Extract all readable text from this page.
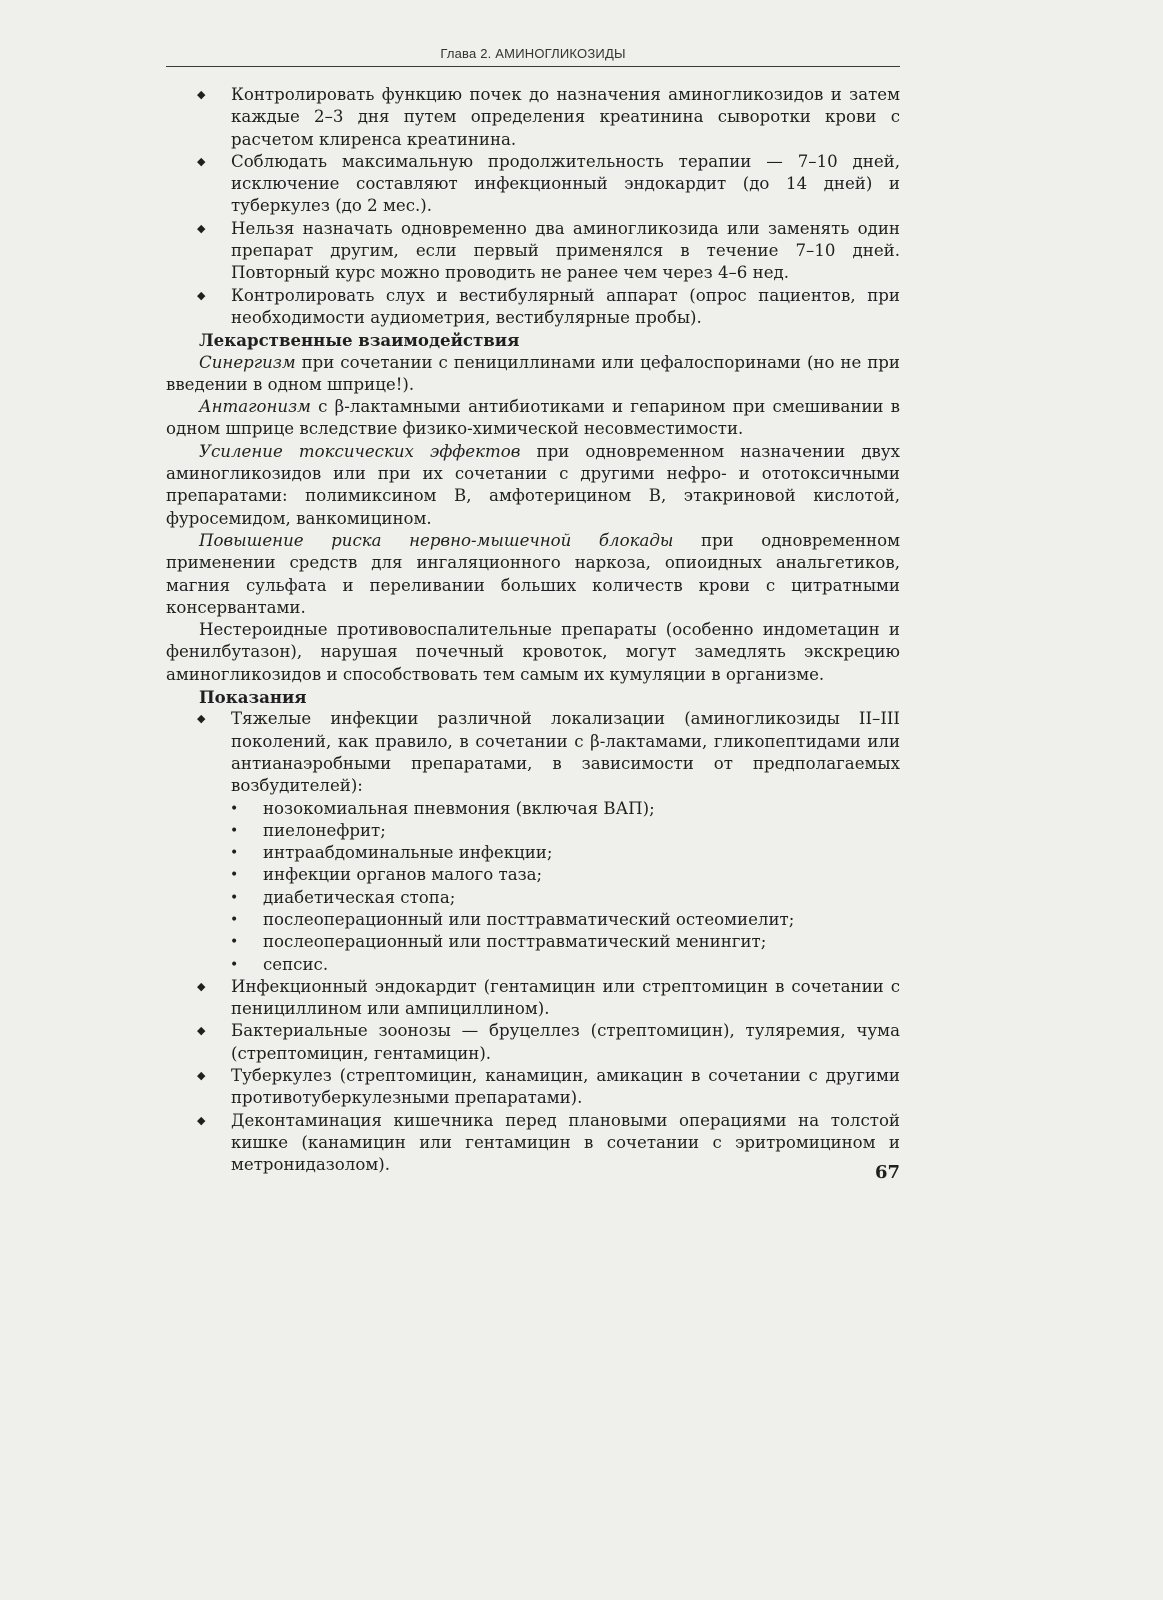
Глава 2. АМИНОГЛИКОЗИДЫ

◆ Контролировать функцию почек до назначения аминогликозидов и затем каждые 2–3 дня путем определения креатинина сыворотки крови с расчетом клиренса креатинина.

◆ Соблюдать максимальную продолжительность терапии — 7–10 дней, исключение составляют инфекционный эндокардит (до 14 дней) и туберкулез (до 2 мес.).

◆ Нельзя назначать одновременно два аминогликозида или заменять один препарат другим, если первый применялся в течение 7–10 дней. Повторный курс можно проводить не ранее чем через 4–6 нед.

◆ Контролировать слух и вестибулярный аппарат (опрос пациентов, при необходимости аудиометрия, вестибулярные пробы).

Лекарственные взаимодействия

Синергизм при сочетании с пенициллинами или цефалоспоринами (но не при введении в одном шприце!).

Антагонизм с β-лактамными антибиотиками и гепарином при смешивании в одном шприце вследствие физико-химической несовместимости.

Усиление токсических эффектов при одновременном назначении двух аминогликозидов или при их сочетании с другими нефро- и ототоксичными препаратами: полимиксином В, амфотерицином В, этакриновой кислотой, фуросемидом, ванкомицином.

Повышение риска нервно-мышечной блокады при одновременном применении средств для ингаляционного наркоза, опиоидных анальгетиков, магния сульфата и переливании больших количеств крови с цитратными консервантами.

Нестероидные противовоспалительные препараты (особенно индометацин и фенилбутазон), нарушая почечный кровоток, могут замедлять экскрецию аминогликозидов и способствовать тем самым их кумуляции в организме.

Показания

◆ Тяжелые инфекции различной локализации (аминогликозиды II–III поколений, как правило, в сочетании с β-лактамами, гликопептидами или антианаэробными препаратами, в зависимости от предполагаемых возбудителей):

• нозокомиальная пневмония (включая ВАП);

• пиелонефрит;

• интраабдоминальные инфекции;

• инфекции органов малого таза;

• диабетическая стопа;

• послеоперационный или посттравматический остеомиелит;

• послеоперационный или посттравматический менингит;

• сепсис.

◆ Инфекционный эндокардит (гентамицин или стрептомицин в сочетании с пенициллином или ампициллином).

◆ Бактериальные зоонозы — бруцеллез (стрептомицин), туляремия, чума (стрептомицин, гентамицин).

◆ Туберкулез (стрептомицин, канамицин, амикацин в сочетании с другими противотуберкулезными препаратами).

◆ Деконтаминация кишечника перед плановыми операциями на толстой кишке (канамицин или гентамицин в сочетании с эритромицином и метронидазолом).	67
